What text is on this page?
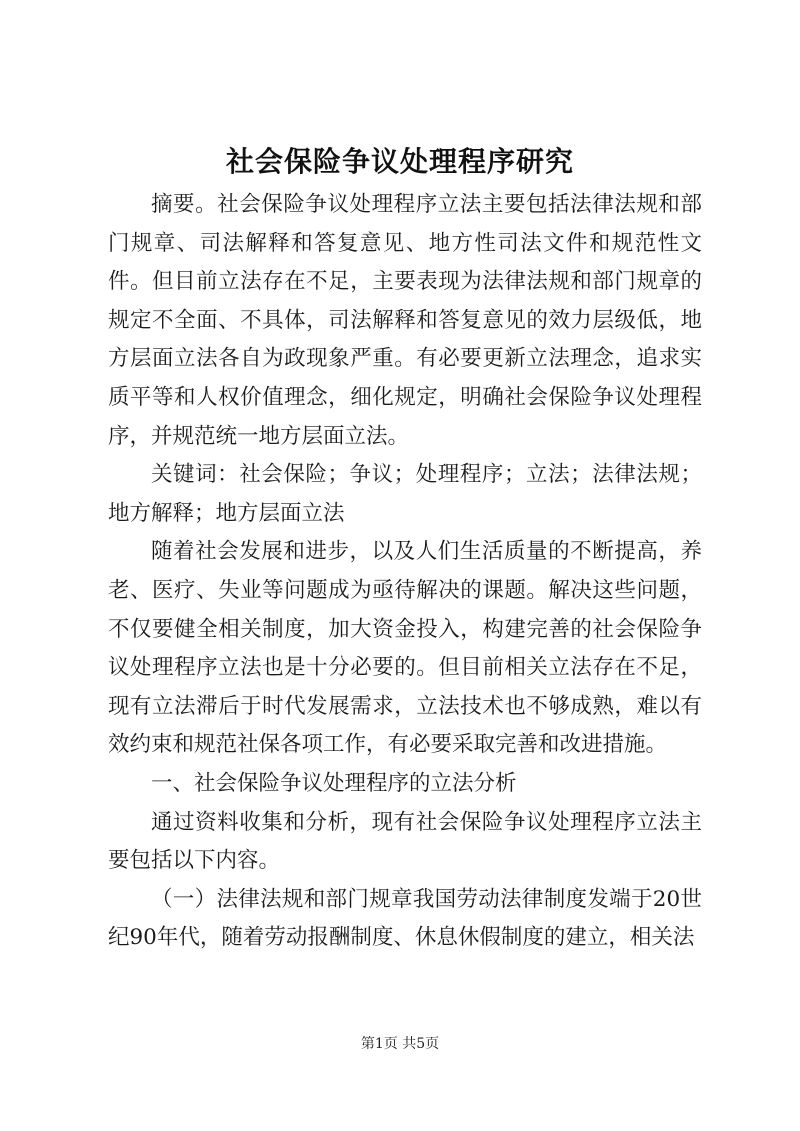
社会保险争议处理程序研究

摘要。社会保险争议处理程序立法主要包括法律法规和部门规章、司法解释和答复意见、地方性司法文件和规范性文件。但目前立法存在不足，主要表现为法律法规和部门规章的规定不全面、不具体，司法解释和答复意见的效力层级低，地方层面立法各自为政现象严重。有必要更新立法理念，追求实质平等和人权价值理念，细化规定，明确社会保险争议处理程序，并规范统一地方层面立法。

关键词：社会保险；争议；处理程序；立法；法律法规；地方解释；地方层面立法

随着社会发展和进步，以及人们生活质量的不断提高，养老、医疗、失业等问题成为亟待解决的课题。解决这些问题，不仅要健全相关制度，加大资金投入，构建完善的社会保险争议处理程序立法也是十分必要的。但目前相关立法存在不足，现有立法滞后于时代发展需求，立法技术也不够成熟，难以有效约束和规范社保各项工作，有必要采取完善和改进措施。

一、社会保险争议处理程序的立法分析

通过资料收集和分析，现有社会保险争议处理程序立法主要包括以下内容。

（一）法律法规和部门规章我国劳动法律制度发端于20世纪90年代，随着劳动报酬制度、休息休假制度的建立，相关法

第1页 共5页
